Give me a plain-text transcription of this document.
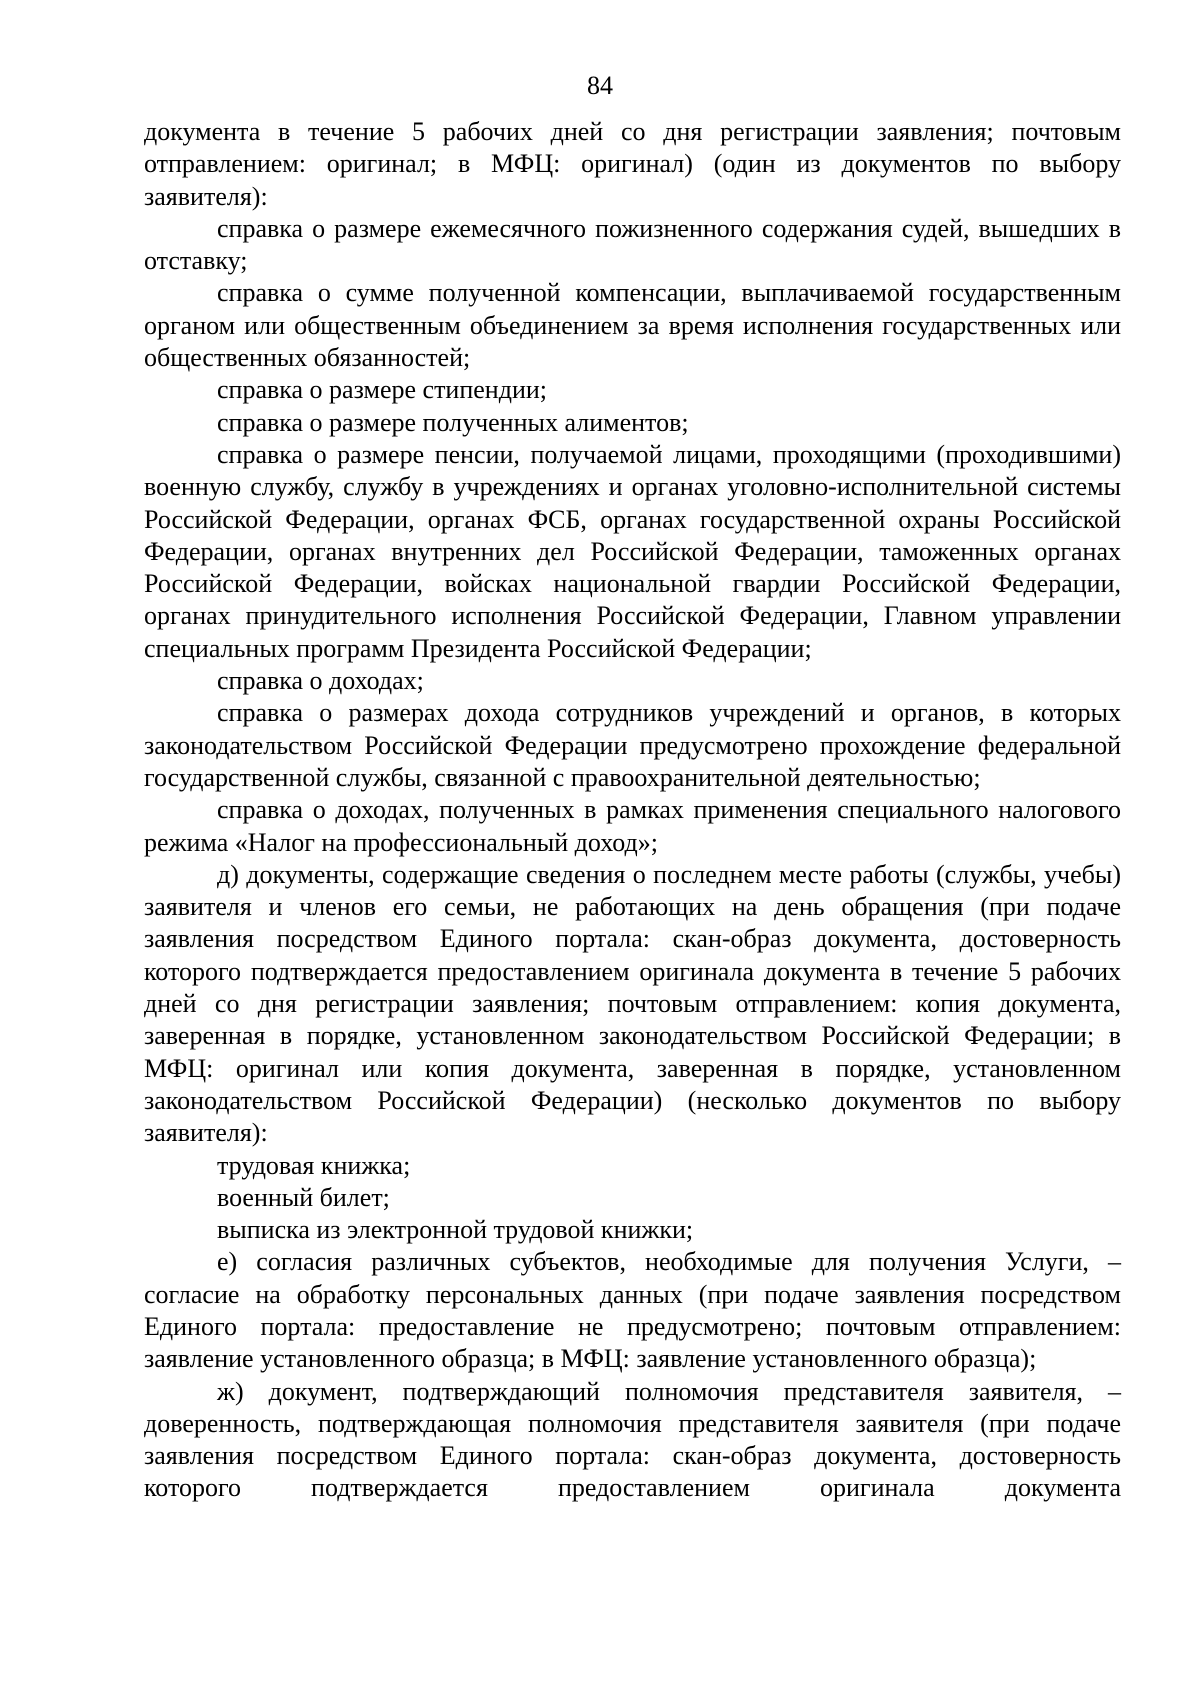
84

документа в течение 5 рабочих дней со дня регистрации заявления; почтовым отправлением: оригинал; в МФЦ: оригинал) (один из документов по выбору заявителя):

справка о размере ежемесячного пожизненного содержания судей, вышедших в отставку;

справка о сумме полученной компенсации, выплачиваемой государственным органом или общественным объединением за время исполнения государственных или общественных обязанностей;

справка о размере стипендии;

справка о размере полученных алиментов;

справка о размере пенсии, получаемой лицами, проходящими (проходившими) военную службу, службу в учреждениях и органах уголовно-исполнительной системы Российской Федерации, органах ФСБ, органах государственной охраны Российской Федерации, органах внутренних дел Российской Федерации, таможенных органах Российской Федерации, войсках национальной гвардии Российской Федерации, органах принудительного исполнения Российской Федерации, Главном управлении специальных программ Президента Российской Федерации;

справка о доходах;

справка о размерах дохода сотрудников учреждений и органов, в которых законодательством Российской Федерации предусмотрено прохождение федеральной государственной службы, связанной с правоохранительной деятельностью;

справка о доходах, полученных в рамках применения специального налогового режима «Налог на профессиональный доход»;

д) документы, содержащие сведения о последнем месте работы (службы, учебы) заявителя и членов его семьи, не работающих на день обращения (при подаче заявления посредством Единого портала: скан-образ документа, достоверность которого подтверждается предоставлением оригинала документа в течение 5 рабочих дней со дня регистрации заявления; почтовым отправлением: копия документа, заверенная в порядке, установленном законодательством Российской Федерации; в МФЦ: оригинал или копия документа, заверенная в порядке, установленном законодательством Российской Федерации) (несколько документов по выбору заявителя):

трудовая книжка;

военный билет;

выписка из электронной трудовой книжки;

е) согласия различных субъектов, необходимые для получения Услуги, – согласие на обработку персональных данных (при подаче заявления посредством Единого портала: предоставление не предусмотрено; почтовым отправлением: заявление установленного образца; в МФЦ: заявление установленного образца);

ж) документ, подтверждающий полномочия представителя заявителя, – доверенность, подтверждающая полномочия представителя заявителя (при подаче заявления посредством Единого портала: скан-образ документа, достоверность которого подтверждается предоставлением оригинала документа
